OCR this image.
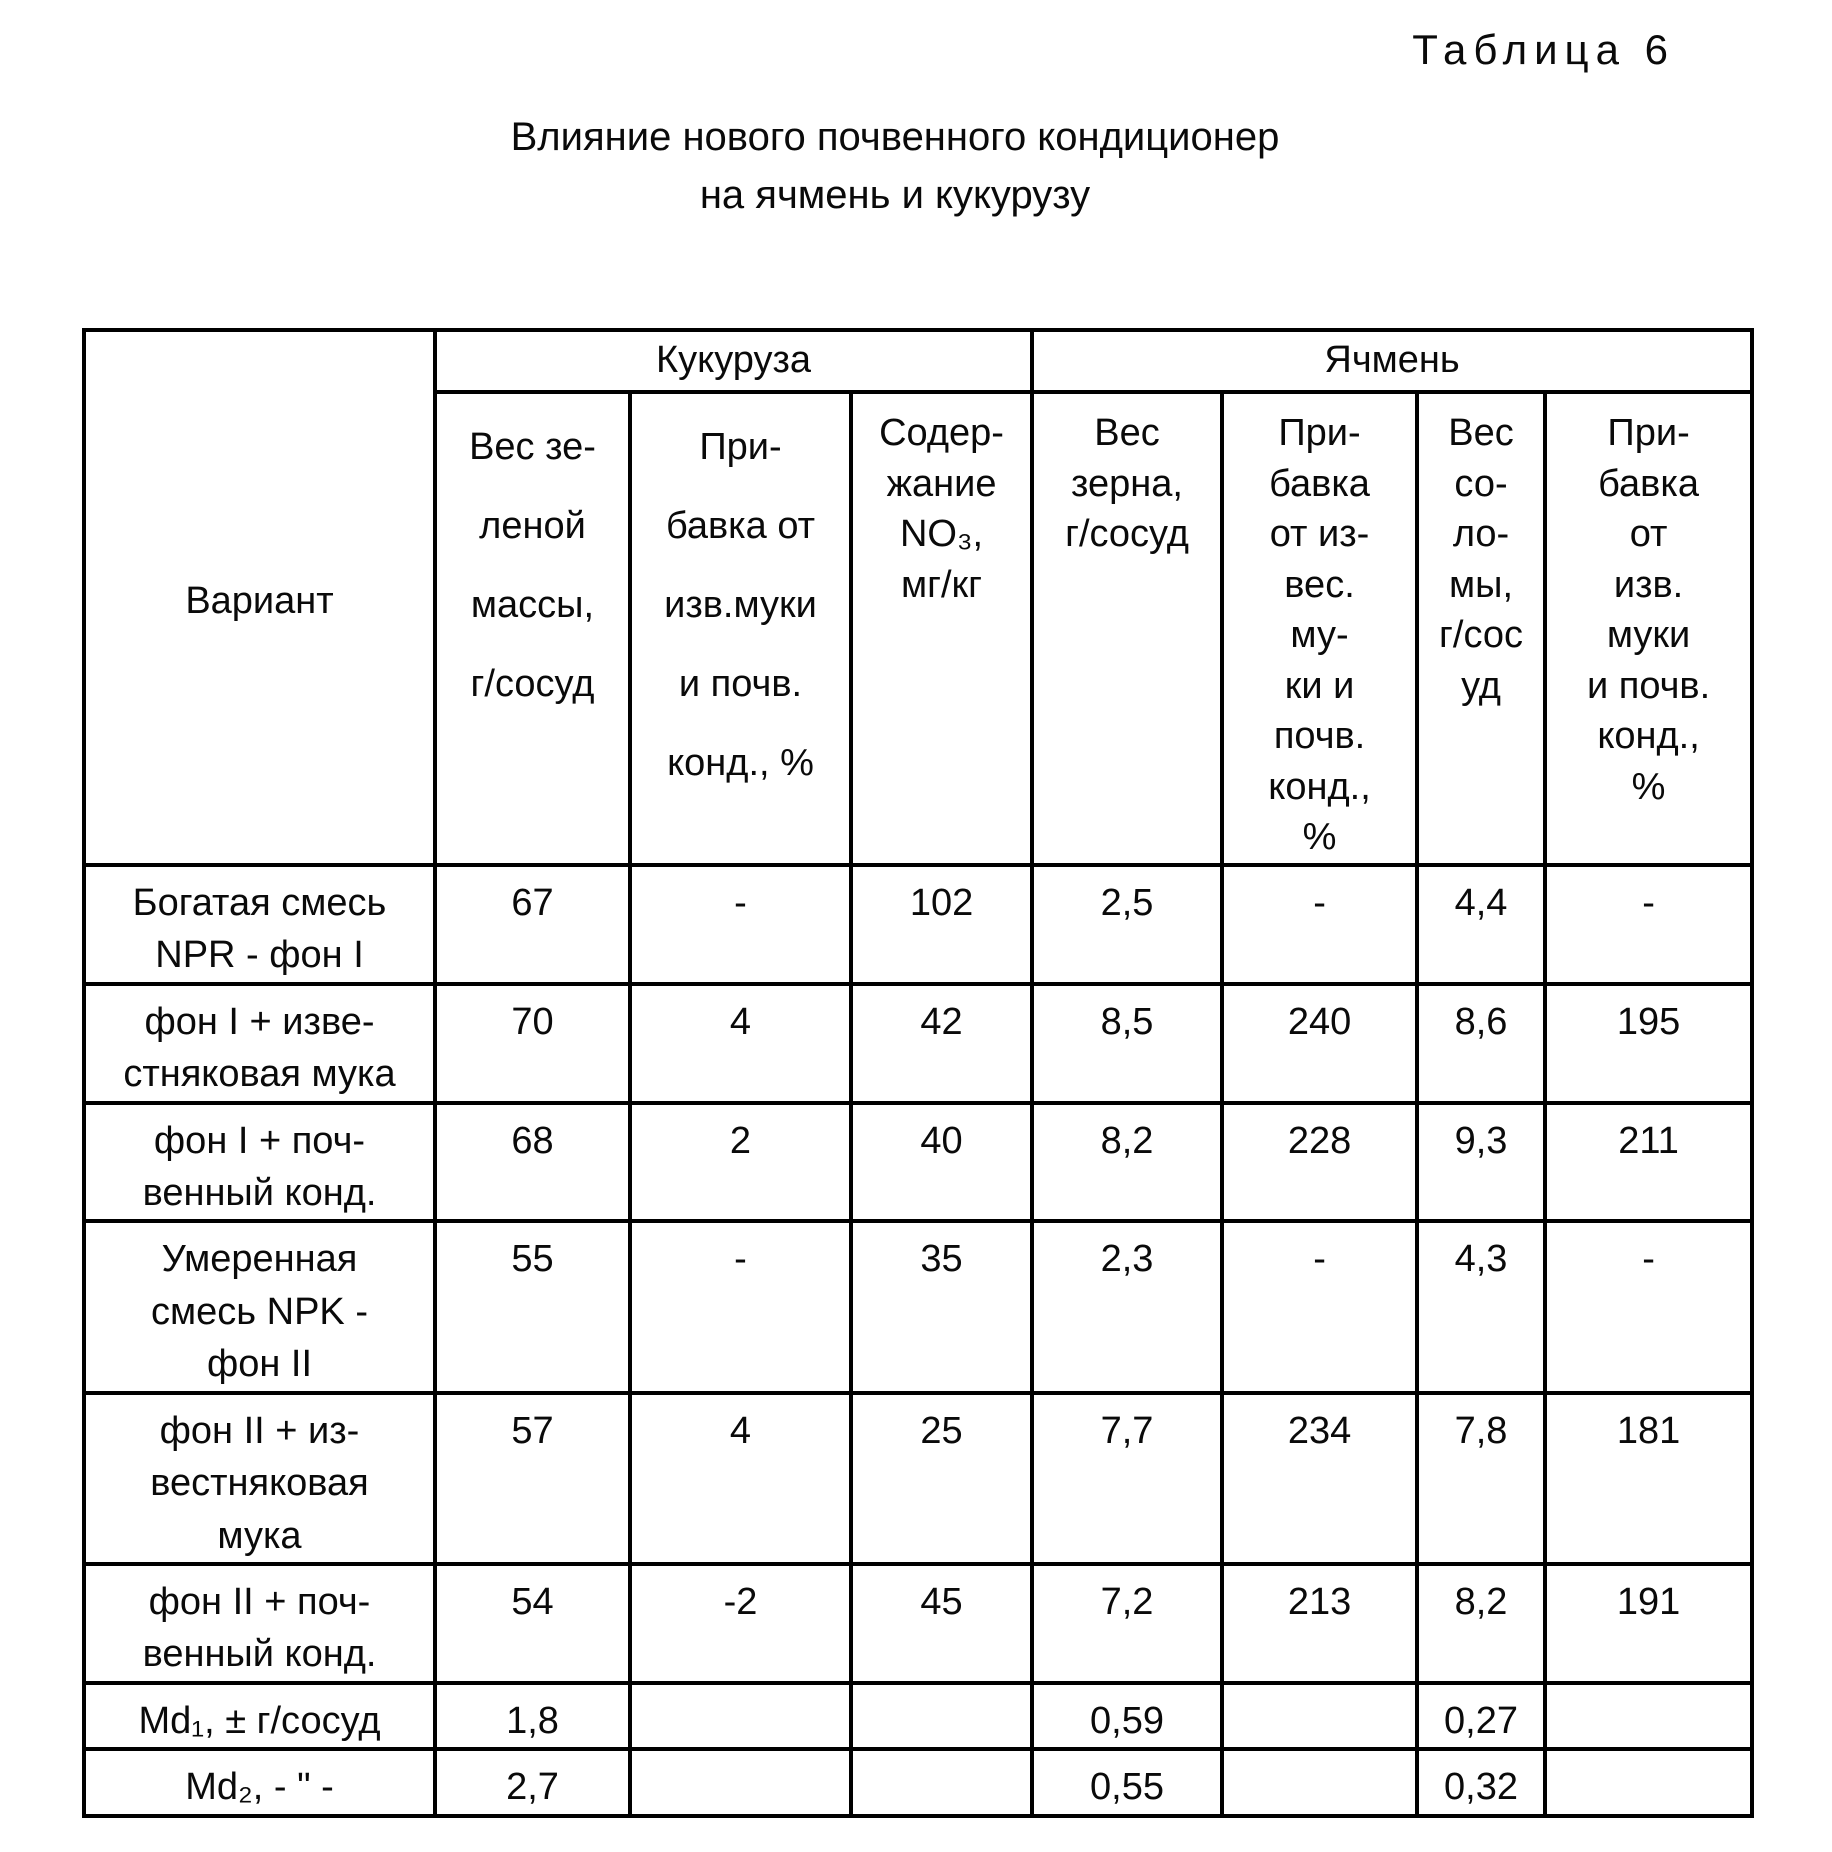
Таблица 6
Влияние нового почвенного кондиционер
на ячмень и кукурузу
Вариант	Кукуруза			Ячмень			
Вес зе-
леной
массы,
г/сосуд	При-
бавка от
изв.муки
и почв.
конд., %	Содер-
жание
NO₃,
мг/кг	Вес
зерна,
г/сосуд	При-
бавка
от из-
вес.
му-
ки и
почв.
конд.,
%	Вес
со-
ло-
мы,
г/сос
уд	При-
бавка
от
изв.
муки
и почв.
конд.,
%
Богатая смесь
NPR - фон I	67	-	102	2,5	-	4,4	-
фон I + изве-
стняковая мука	70	4	42	8,5	240	8,6	195
фон I + поч-
венный конд.	68	2	40	8,2	228	9,3	211
Умеренная
смесь NPK -
фон II	55	-	35	2,3	-	4,3	-
фон II + из-
вестняковая
мука	57	4	25	7,7	234	7,8	181
фон II + поч-
венный конд.	54	-2	45	7,2	213	8,2	191
Md₁, ± г/сосуд	1,8			0,59		0,27	
Md₂, - ʺ -	2,7			0,55		0,32	
